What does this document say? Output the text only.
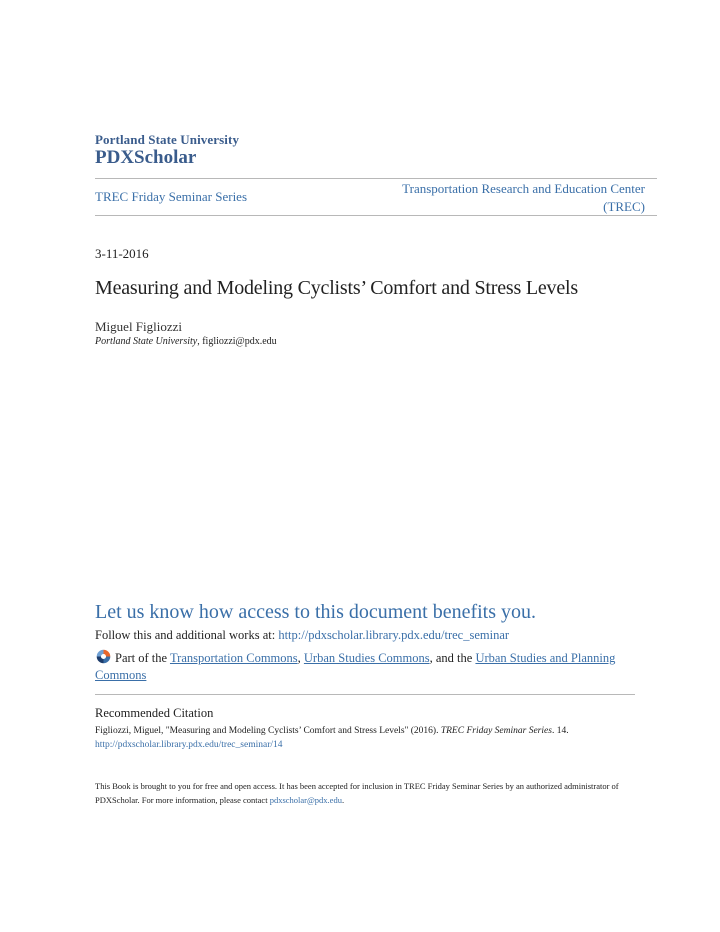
Portland State University
PDXScholar
TREC Friday Seminar Series
Transportation Research and Education Center
(TREC)
3-11-2016
Measuring and Modeling Cyclists’ Comfort and Stress Levels
Miguel Figliozzi
Portland State University, figliozzi@pdx.edu
Let us know how access to this document benefits you.
Follow this and additional works at: http://pdxscholar.library.pdx.edu/trec_seminar
Part of the Transportation Commons, Urban Studies Commons, and the Urban Studies and Planning Commons
Recommended Citation
Figliozzi, Miguel, "Measuring and Modeling Cyclists’ Comfort and Stress Levels" (2016). TREC Friday Seminar Series. 14.
http://pdxscholar.library.pdx.edu/trec_seminar/14
This Book is brought to you for free and open access. It has been accepted for inclusion in TREC Friday Seminar Series by an authorized administrator of PDXScholar. For more information, please contact pdxscholar@pdx.edu.
